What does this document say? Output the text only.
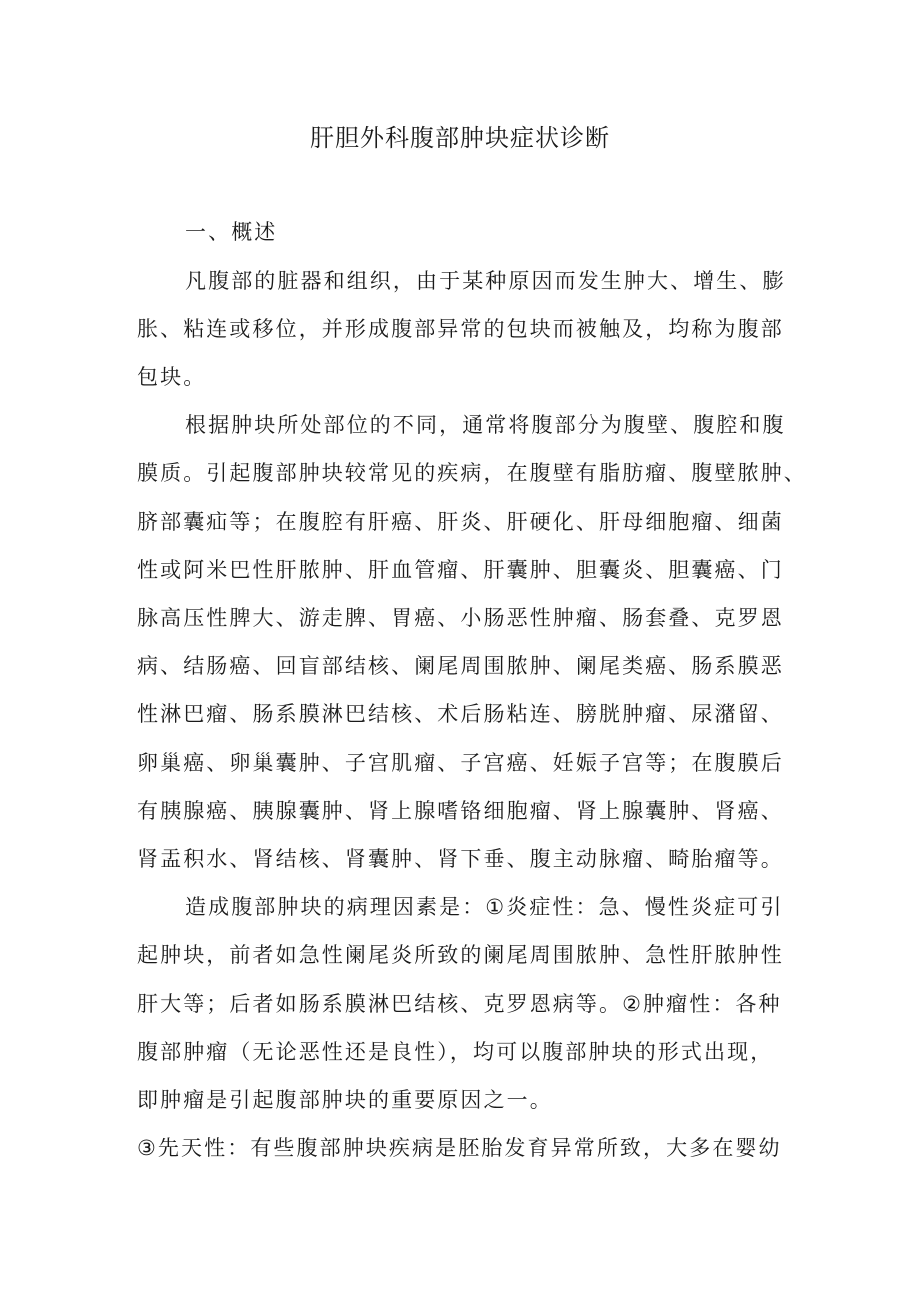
肝胆外科腹部肿块症状诊断

一、概述

凡腹部的脏器和组织，由于某种原因而发生肿大、增生、膨

胀、粘连或移位，并形成腹部异常的包块而被触及，均称为腹部

包块。

根据肿块所处部位的不同，通常将腹部分为腹壁、腹腔和腹

膜质。引起腹部肿块较常见的疾病，在腹壁有脂肪瘤、腹壁脓肿、

脐部囊疝等；在腹腔有肝癌、肝炎、肝硬化、肝母细胞瘤、细菌

性或阿米巴性肝脓肿、肝血管瘤、肝囊肿、胆囊炎、胆囊癌、门

脉高压性脾大、游走脾、胃癌、小肠恶性肿瘤、肠套叠、克罗恩

病、结肠癌、回盲部结核、阑尾周围脓肿、阑尾类癌、肠系膜恶

性淋巴瘤、肠系膜淋巴结核、术后肠粘连、膀胱肿瘤、尿潴留、

卵巢癌、卵巢囊肿、子宫肌瘤、子宫癌、妊娠子宫等；在腹膜后

有胰腺癌、胰腺囊肿、肾上腺嗜铬细胞瘤、肾上腺囊肿、肾癌、

肾盂积水、肾结核、肾囊肿、肾下垂、腹主动脉瘤、畸胎瘤等。

造成腹部肿块的病理因素是：①炎症性：急、慢性炎症可引

起肿块，前者如急性阑尾炎所致的阑尾周围脓肿、急性肝脓肿性

肝大等；后者如肠系膜淋巴结核、克罗恩病等。②肿瘤性：各种

腹部肿瘤（无论恶性还是良性），均可以腹部肿块的形式出现，

即肿瘤是引起腹部肿块的重要原因之一。

③先天性：有些腹部肿块疾病是胚胎发育异常所致，大多在婴幼
